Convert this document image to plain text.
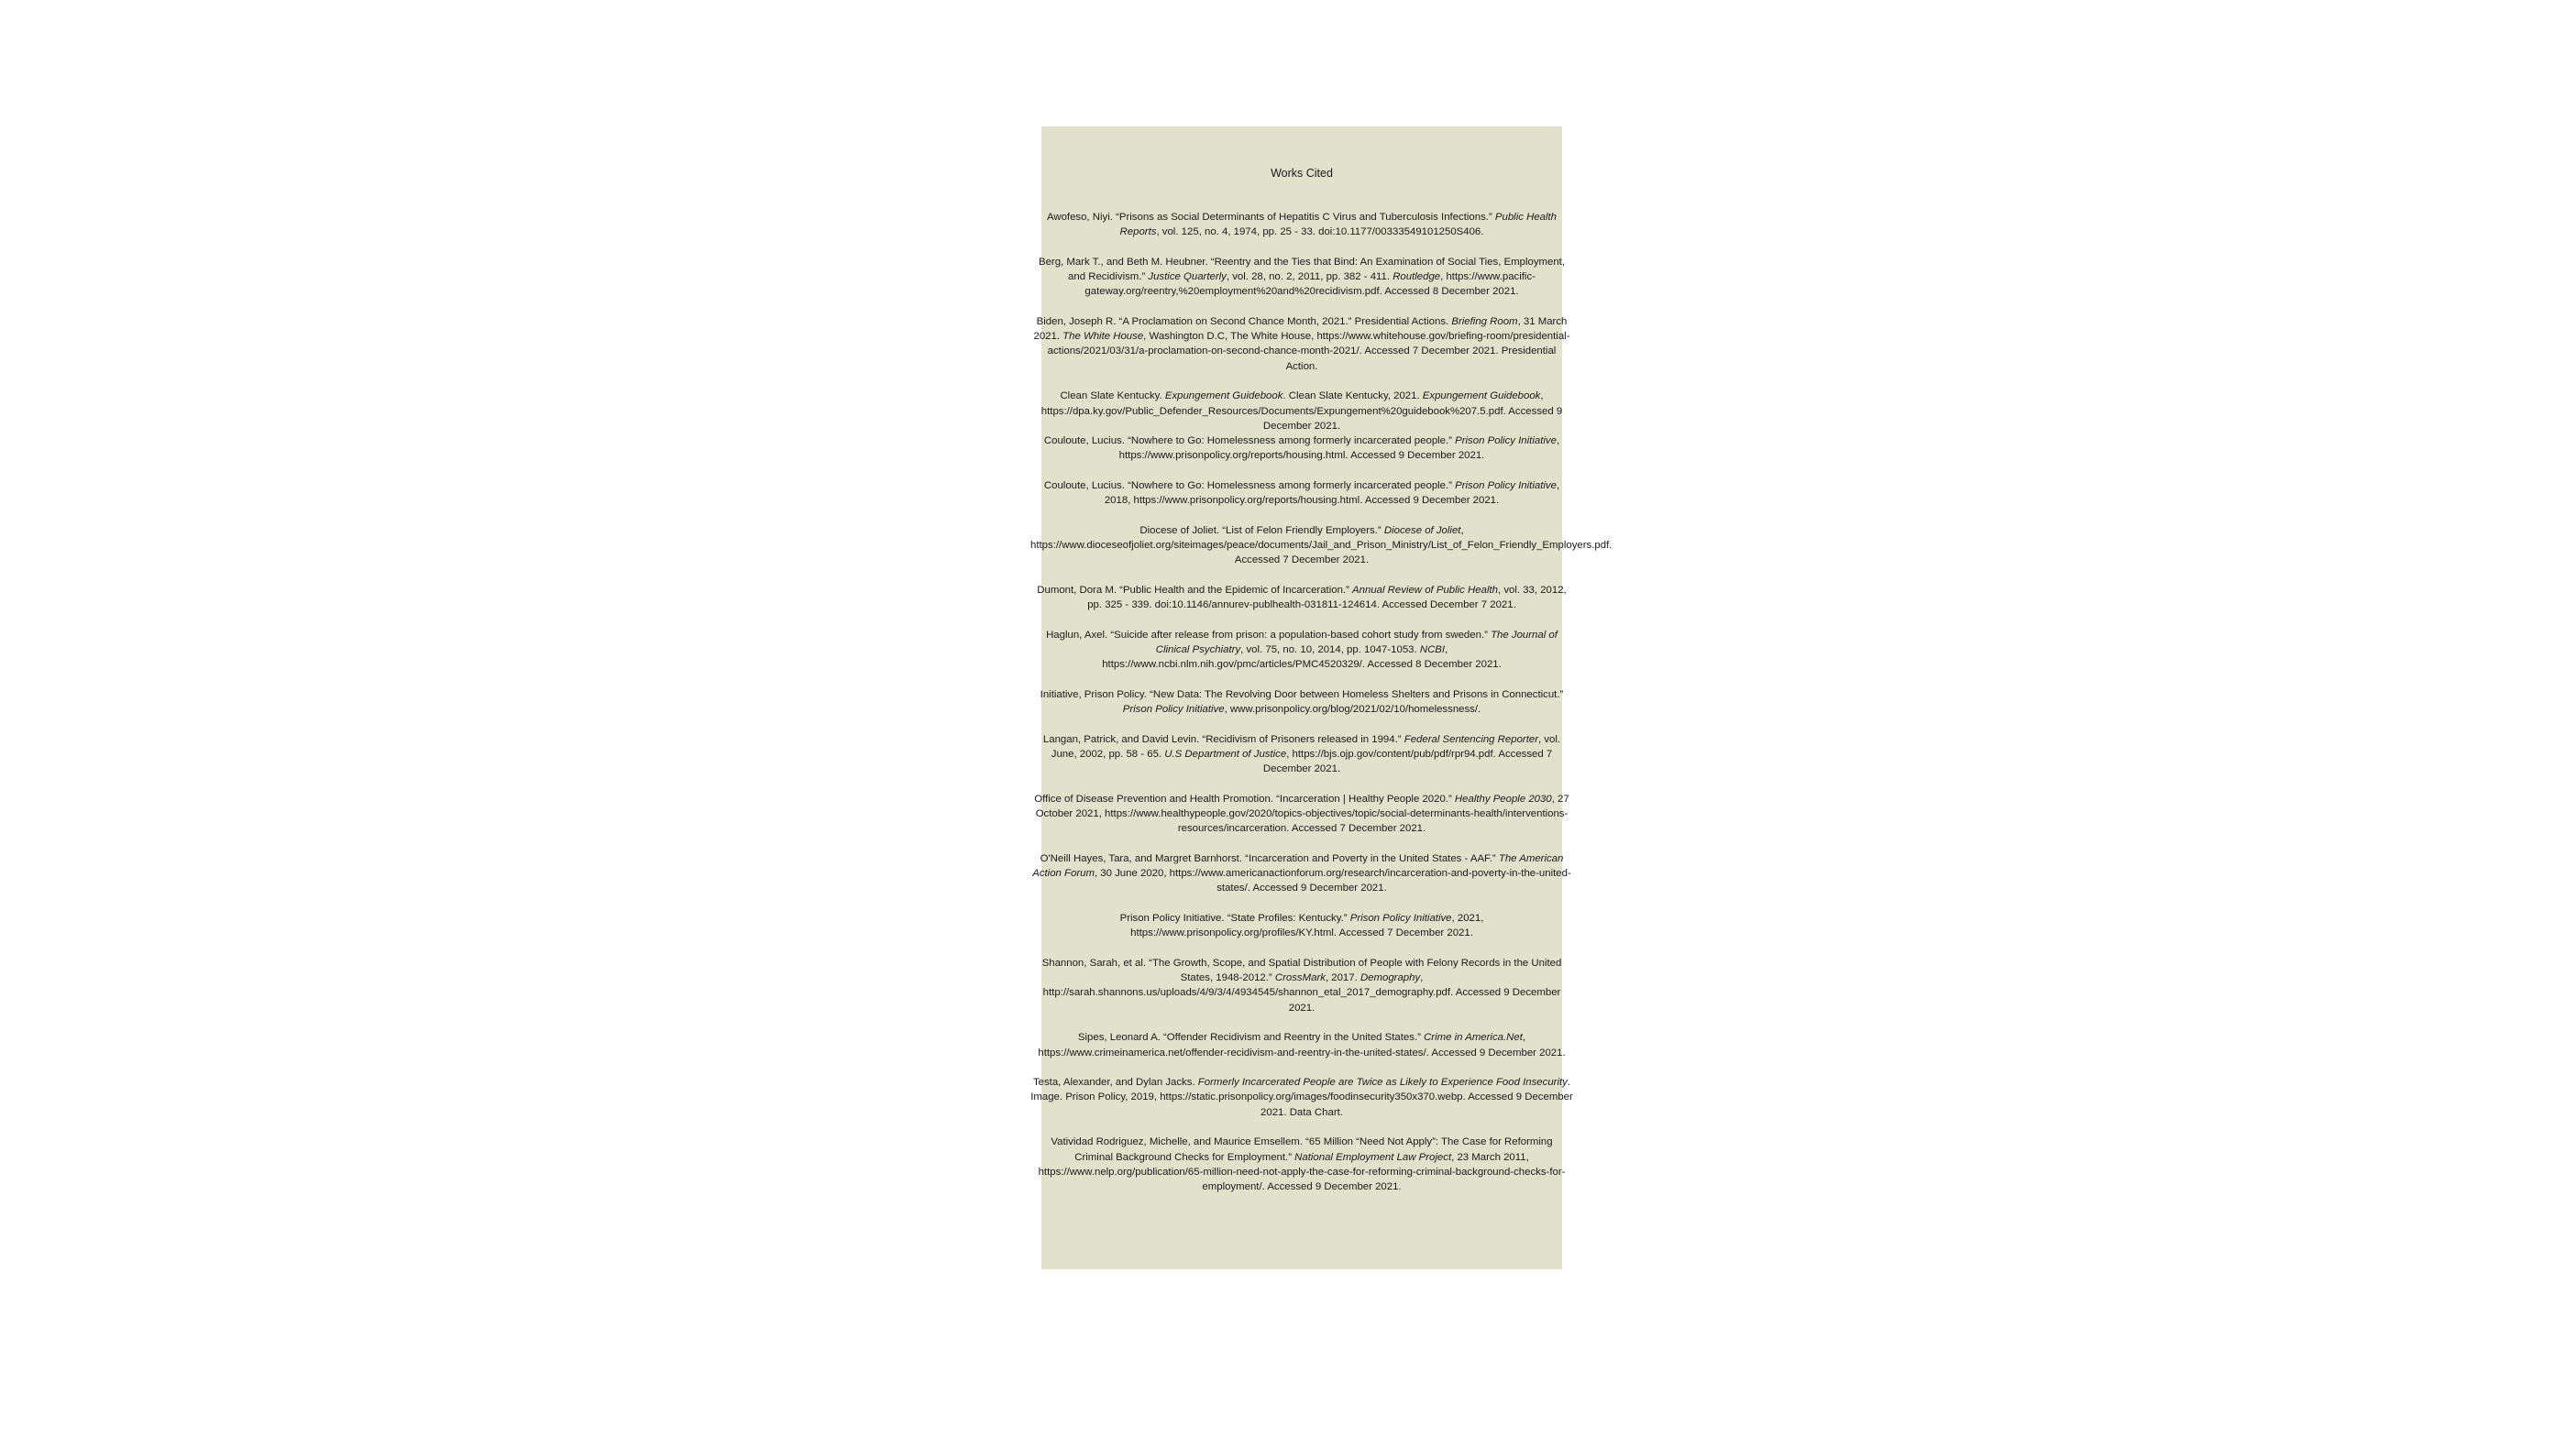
Works Cited

Awofeso, Niyi. “Prisons as Social Determinants of Hepatitis C Virus and Tuberculosis Infections.” Public Health Reports, vol. 125, no. 4, 1974, pp. 25 - 33. doi:10.1177/00333549101250S406.

Berg, Mark T., and Beth M. Heubner. “Reentry and the Ties that Bind: An Examination of Social Ties, Employment, and Recidivism.” Justice Quarterly, vol. 28, no. 2, 2011, pp. 382 - 411. Routledge, https://www.pacific-gateway.org/reentry,%20employment%20and%20recidivism.pdf. Accessed 8 December 2021.

Biden, Joseph R. “A Proclamation on Second Chance Month, 2021.” Presidential Actions. Briefing Room, 31 March 2021. The White House, Washington D.C, The White House, https://www.whitehouse.gov/briefing-room/presidential-actions/2021/03/31/a-proclamation-on-second-chance-month-2021/. Accessed 7 December 2021. Presidential Action.

Clean Slate Kentucky. Expungement Guidebook. Clean Slate Kentucky, 2021. Expungement Guidebook, https://dpa.ky.gov/Public_Defender_Resources/Documents/Expungement%20guidebook%207.5.pdf. Accessed 9 December 2021.

Couloute, Lucius. “Nowhere to Go: Homelessness among formerly incarcerated people.” Prison Policy Initiative, https://www.prisonpolicy.org/reports/housing.html. Accessed 9 December 2021.

Couloute, Lucius. “Nowhere to Go: Homelessness among formerly incarcerated people.” Prison Policy Initiative, 2018, https://www.prisonpolicy.org/reports/housing.html. Accessed 9 December 2021.

Diocese of Joliet. “List of Felon Friendly Employers.” Diocese of Joliet, https://www.dioceseofjoliet.org/siteimages/peace/documents/Jail_and_Prison_Ministry/List_of_Felon_Friendly_Employers.pdf. Accessed 7 December 2021.

Dumont, Dora M. “Public Health and the Epidemic of Incarceration.” Annual Review of Public Health, vol. 33, 2012, pp. 325 - 339. doi:10.1146/annurev-publhealth-031811-124614. Accessed December 7 2021.

Haglun, Axel. “Suicide after release from prison: a population-based cohort study from sweden.” The Journal of Clinical Psychiatry, vol. 75, no. 10, 2014, pp. 1047-1053. NCBI, https://www.ncbi.nlm.nih.gov/pmc/articles/PMC4520329/. Accessed 8 December 2021.

Initiative, Prison Policy. “New Data: The Revolving Door between Homeless Shelters and Prisons in Connecticut.” Prison Policy Initiative, www.prisonpolicy.org/blog/2021/02/10/homelessness/.

Langan, Patrick, and David Levin. “Recidivism of Prisoners released in 1994.” Federal Sentencing Reporter, vol. June, 2002, pp. 58 - 65. U.S Department of Justice, https://bjs.ojp.gov/content/pub/pdf/rpr94.pdf. Accessed 7 December 2021.

Office of Disease Prevention and Health Promotion. “Incarceration | Healthy People 2020.” Healthy People 2030, 27 October 2021, https://www.healthypeople.gov/2020/topics-objectives/topic/social-determinants-health/interventions-resources/incarceration. Accessed 7 December 2021.

O'Neill Hayes, Tara, and Margret Barnhorst. “Incarceration and Poverty in the United States - AAF.” The American Action Forum, 30 June 2020, https://www.americanactionforum.org/research/incarceration-and-poverty-in-the-united-states/. Accessed 9 December 2021.

Prison Policy Initiative. “State Profiles: Kentucky.” Prison Policy Initiative, 2021, https://www.prisonpolicy.org/profiles/KY.html. Accessed 7 December 2021.

Shannon, Sarah, et al. “The Growth, Scope, and Spatial Distribution of People with Felony Records in the United States, 1948-2012.” CrossMark, 2017. Demography, http://sarah.shannons.us/uploads/4/9/3/4/4934545/shannon_etal_2017_demography.pdf. Accessed 9 December 2021.

Sipes, Leonard A. “Offender Recidivism and Reentry in the United States.” Crime in America.Net, https://www.crimeinamerica.net/offender-recidivism-and-reentry-in-the-united-states/. Accessed 9 December 2021.

Testa, Alexander, and Dylan Jacks. Formerly Incarcerated People are Twice as Likely to Experience Food Insecurity. Image. Prison Policy, 2019, https://static.prisonpolicy.org/images/foodinsecurity350x370.webp. Accessed 9 December 2021. Data Chart.

Vatividad Rodriguez, Michelle, and Maurice Emsellem. “65 Million “Need Not Apply”: The Case for Reforming Criminal Background Checks for Employment.” National Employment Law Project, 23 March 2011, https://www.nelp.org/publication/65-million-need-not-apply-the-case-for-reforming-criminal-background-checks-for-employment/. Accessed 9 December 2021.
